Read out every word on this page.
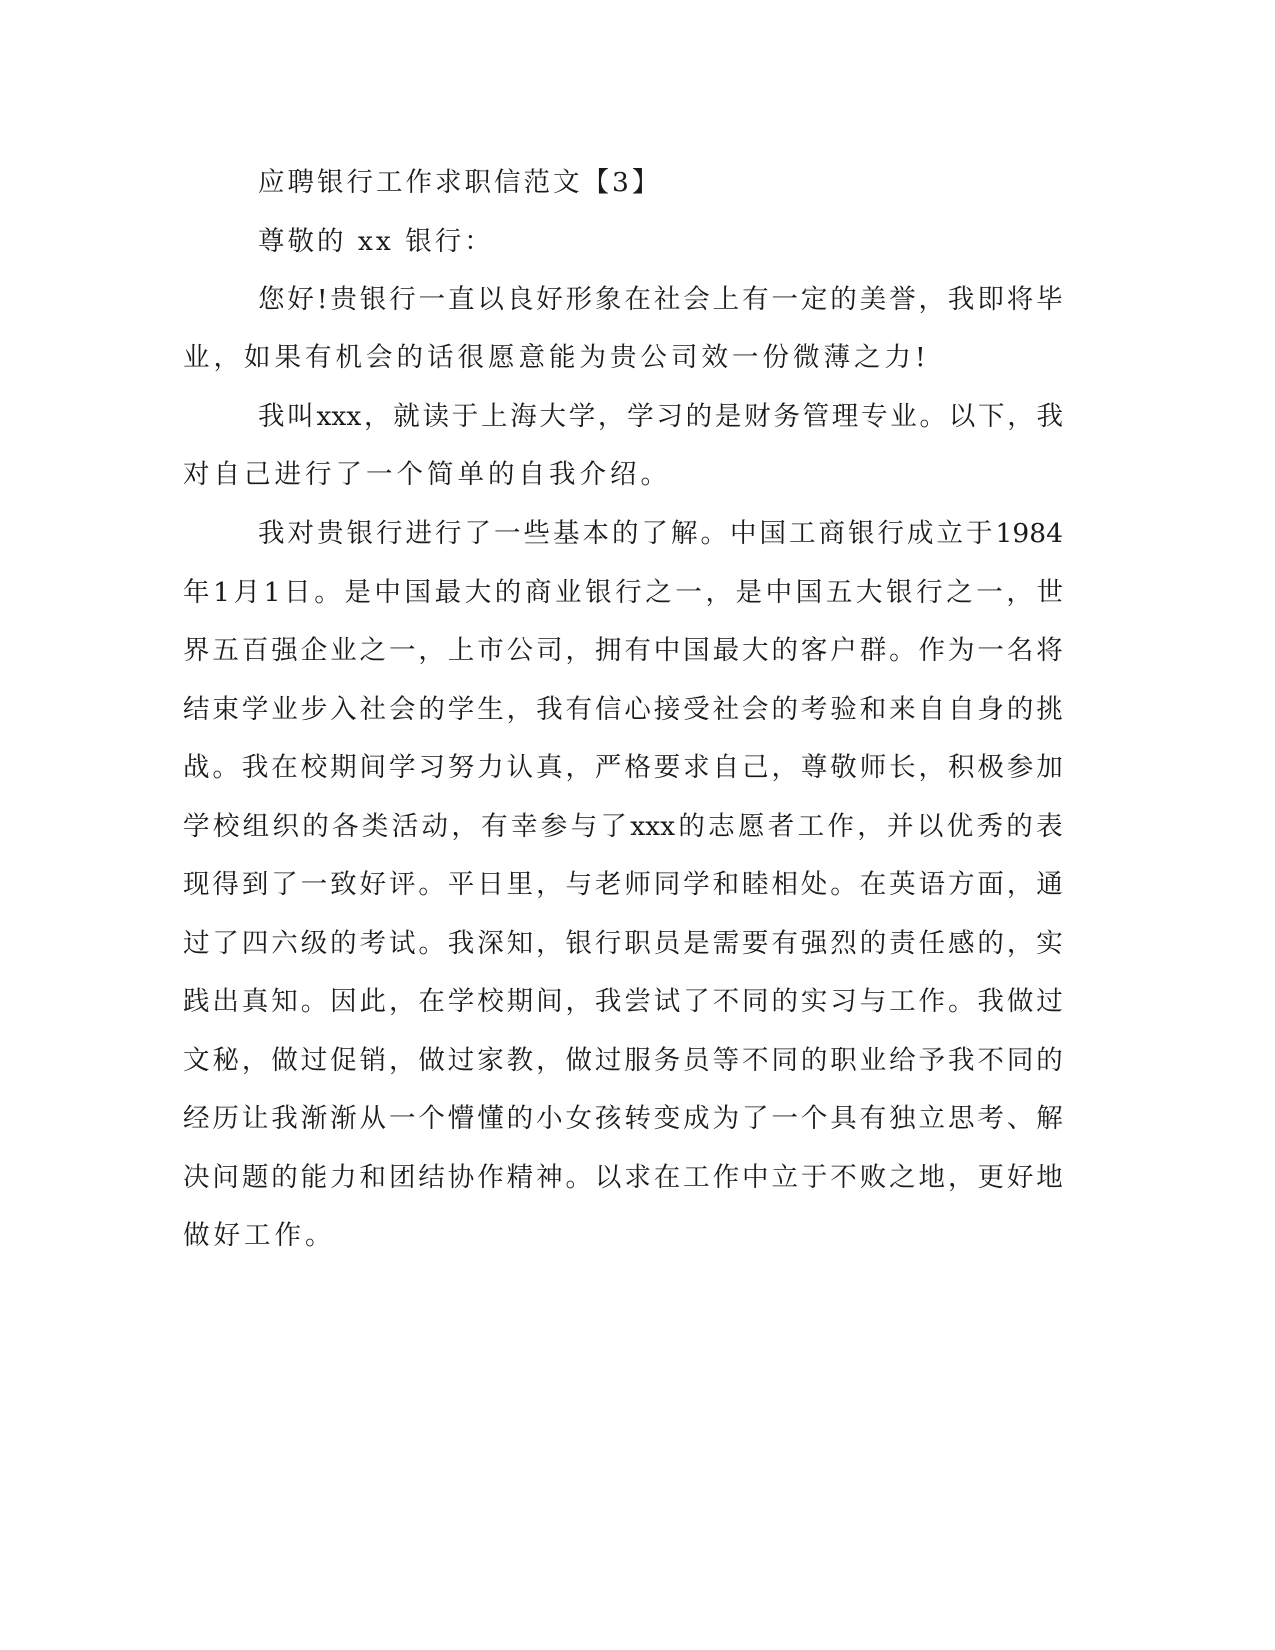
应聘银行工作求职信范文【3】
尊敬的 xx 银行：
您 好 ! 贵 银 行 一 直 以 良 好 形 象 在 社 会 上 有 一 定 的 美 誉 ， 我 即 将 毕
业，如果有机会的话很愿意能为贵公司效一份微薄之力!
我 叫 xxx ， 就 读 于 上 海 大 学 ， 学 习 的 是 财 务 管 理 专 业 。 以 下 ， 我
对自己进行了一个简单的自我介绍。
我 对 贵 银 行 进 行 了 一 些 基 本 的 了 解 。 中 国 工 商 银 行 成 立 于 1984
年 1 月 1 日 。 是 中 国 最 大 的 商 业 银 行 之 一 ， 是 中 国 五 大 银 行 之 一 ， 世
界 五 百 强 企 业 之 一 ， 上 市 公 司 ， 拥 有 中 国 最 大 的 客 户 群 。 作 为 一 名 将
结 束 学 业 步 入 社 会 的 学 生 ， 我 有 信 心 接 受 社 会 的 考 验 和 来 自 自 身 的 挑
战 。 我 在 校 期 间 学 习 努 力 认 真 ， 严 格 要 求 自 己 ， 尊 敬 师 长 ， 积 极 参 加
学 校 组 织 的 各 类 活 动 ， 有 幸 参 与 了 xxx 的 志 愿 者 工 作 ， 并 以 优 秀 的 表
现 得 到 了 一 致 好 评 。 平 日 里 ， 与 老 师 同 学 和 睦 相 处 。 在 英 语 方 面 ， 通
过 了 四 六 级 的 考 试 。 我 深 知 ， 银 行 职 员 是 需 要 有 强 烈 的 责 任 感 的 ， 实
践 出 真 知 。 因 此 ， 在 学 校 期 间 ， 我 尝 试 了 不 同 的 实 习 与 工 作 。 我 做 过
文 秘 ， 做 过 促 销 ， 做 过 家 教 ， 做 过 服 务 员 等 不 同 的 职 业 给 予 我 不 同 的
经 历 让 我 渐 渐 从 一 个 懵 懂 的 小 女 孩 转 变 成 为 了 一 个 具 有 独 立 思 考 、 解
决 问 题 的 能 力 和 团 结 协 作 精 神 。 以 求 在 工 作 中 立 于 不 败 之 地 ， 更 好 地
做好工作。
